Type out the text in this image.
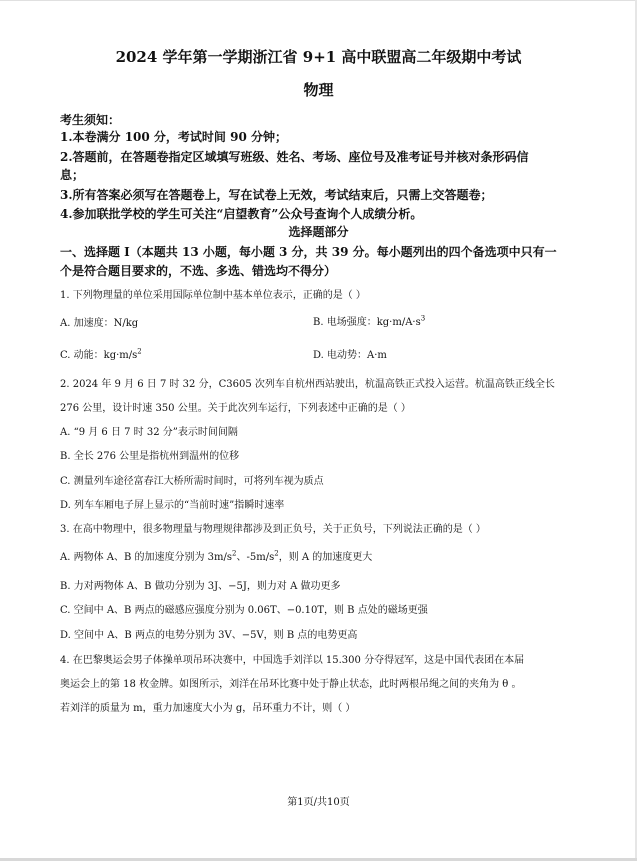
2024 学年第一学期浙江省 9+1 高中联盟高二年级期中考试
物理
考生须知：
1.本卷满分 100 分，考试时间 90 分钟；
2.答题前，在答题卷指定区域填写班级、姓名、考场、座位号及准考证号并核对条形码信
息；
3.所有答案必须写在答题卷上，写在试卷上无效，考试结束后，只需上交答题卷；
4.参加联批学校的学生可关注“启望教育”公众号查询个人成绩分析。
选择题部分
一、选择题 I（本题共 13 小题，每小题 3 分，共 39 分。每小题列出的四个备选项中只有一
个是符合题目要求的，不选、多选、错选均不得分）
1. 下列物理量的单位采用国际单位制中基本单位表示，正确的是（ ）
A. 加速度：N/kg	B. 电场强度：$kg\cdot m/A\cdot s^3$
C. 动能：$kg\cdot m/s^2$	D. 电动势：A·m
2. 2024 年 9 月 6 日 7 时 32 分，C3605 次列车自杭州西站驶出，杭温高铁正式投入运营。杭温高铁正线全长
276 公里，设计时速 350 公里。关于此次列车运行，下列表述中正确的是（ ）
A. “9 月 6 日 7 时 32 分”表示时间间隔
B. 全长 276 公里是指杭州到温州的位移
C. 测量列车途径富春江大桥所需时间时，可将列车视为质点
D. 列车车厢电子屏上显示的“当前时速”指瞬时速率
3. 在高中物理中，很多物理量与物理规律都涉及到正负号，关于正负号，下列说法正确的是（ ）
A. 两物体 A、B 的加速度分别为 $3m/s^2$、$-5m/s^2$，则 A 的加速度更大
B. 力对两物体 A、B 做功分别为 3J、−5J，则力对 A 做功更多
C. 空间中 A、B 两点的磁感应强度分别为 0.06T、−0.10T，则 B 点处的磁场更强
D. 空间中 A、B 两点的电势分别为 3V、−5V，则 B 点的电势更高
4. 在巴黎奥运会男子体操单项吊环决赛中，中国选手刘洋以 15.300 分夺得冠军，这是中国代表团在本届
奥运会上的第 18 枚金牌。如图所示，刘洋在吊环比赛中处于静止状态，此时两根吊绳之间的夹角为 θ 。
若刘洋的质量为 m，重力加速度大小为 g，吊环重力不计，则（ ）
第1页/共10页
